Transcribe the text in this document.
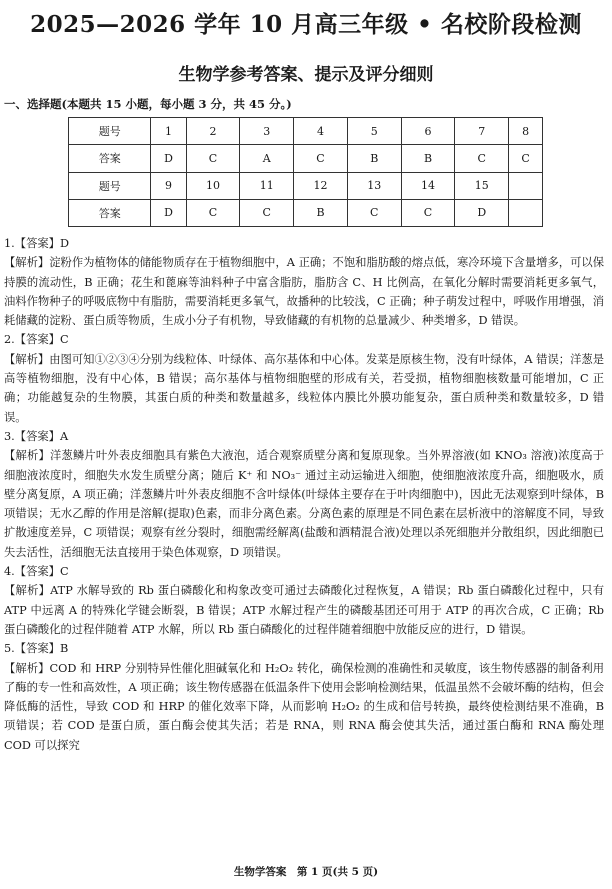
2025—2026 学年 10 月高三年级 • 名校阶段检测
生物学参考答案、提示及评分细则
一、选择题(本题共 15 小题，每小题 3 分，共 45 分。)
题号	1	2	3	4	5	6	7	8
答案	D	C	A	C	B	B	C	C
题号	9	10	11	12	13	14	15	
答案	D	C	C	B	C	C	D	

1.【答案】D

【解析】淀粉作为植物体的储能物质存在于植物细胞中，A 正确；不饱和脂肪酸的熔点低，寒冷环境下含量增多，可以保持膜的流动性，B 正确；花生和蓖麻等油料种子中富含脂肪，脂肪含 C、H 比例高，在氧化分解时需要消耗更多氧气，油料作物种子的呼吸底物中有脂肪，需要消耗更多氧气，故播种的比较浅，C 正确；种子萌发过程中，呼吸作用增强，消耗储藏的淀粉、蛋白质等物质，生成小分子有机物，导致储藏的有机物的总量减少、种类增多，D 错误。

2.【答案】C

【解析】由图可知①②③④分别为线粒体、叶绿体、高尔基体和中心体。发菜是原核生物，没有叶绿体，A 错误；洋葱是高等植物细胞，没有中心体，B 错误；高尔基体与植物细胞壁的形成有关，若受损，植物细胞核数量可能增加，C 正确；功能越复杂的生物膜，其蛋白质的种类和数量越多，线粒体内膜比外膜功能复杂，蛋白质种类和数量较多，D 错误。

3.【答案】A

【解析】洋葱鳞片叶外表皮细胞具有紫色大液泡，适合观察质壁分离和复原现象。当外界溶液(如 KNO₃ 溶液)浓度高于细胞液浓度时，细胞失水发生质壁分离；随后 K⁺ 和 NO₃⁻ 通过主动运输进入细胞，使细胞液浓度升高，细胞吸水，质壁分离复原，A 项正确；洋葱鳞片叶外表皮细胞不含叶绿体(叶绿体主要存在于叶肉细胞中)，因此无法观察到叶绿体，B 项错误；无水乙醇的作用是溶解(提取)色素，而非分离色素。分离色素的原理是不同色素在层析液中的溶解度不同，导致扩散速度差异，C 项错误；观察有丝分裂时，细胞需经解离(盐酸和酒精混合液)处理以杀死细胞并分散组织，因此细胞已失去活性，活细胞无法直接用于染色体观察，D 项错误。

4.【答案】C

【解析】ATP 水解导致的 Rb 蛋白磷酸化和构象改变可通过去磷酸化过程恢复，A 错误；Rb 蛋白磷酸化过程中，只有 ATP 中远离 A 的特殊化学键会断裂，B 错误；ATP 水解过程产生的磷酸基团还可用于 ATP 的再次合成，C 正确；Rb 蛋白磷酸化的过程伴随着 ATP 水解，所以 Rb 蛋白磷酸化的过程伴随着细胞中放能反应的进行，D 错误。

5.【答案】B

【解析】COD 和 HRP 分别特异性催化胆碱氧化和 H₂O₂ 转化，确保检测的准确性和灵敏度，该生物传感器的制备利用了酶的专一性和高效性，A 项正确；该生物传感器在低温条件下使用会影响检测结果，低温虽然不会破坏酶的结构，但会降低酶的活性，导致 COD 和 HRP 的催化效率下降，从而影响 H₂O₂ 的生成和信号转换，最终使检测结果不准确，B 项错误；若 COD 是蛋白质，蛋白酶会使其失活；若是 RNA，则 RNA 酶会使其失活，通过蛋白酶和 RNA 酶处理 COD 可以探究

生物学答案　第 1 页(共 5 页)
